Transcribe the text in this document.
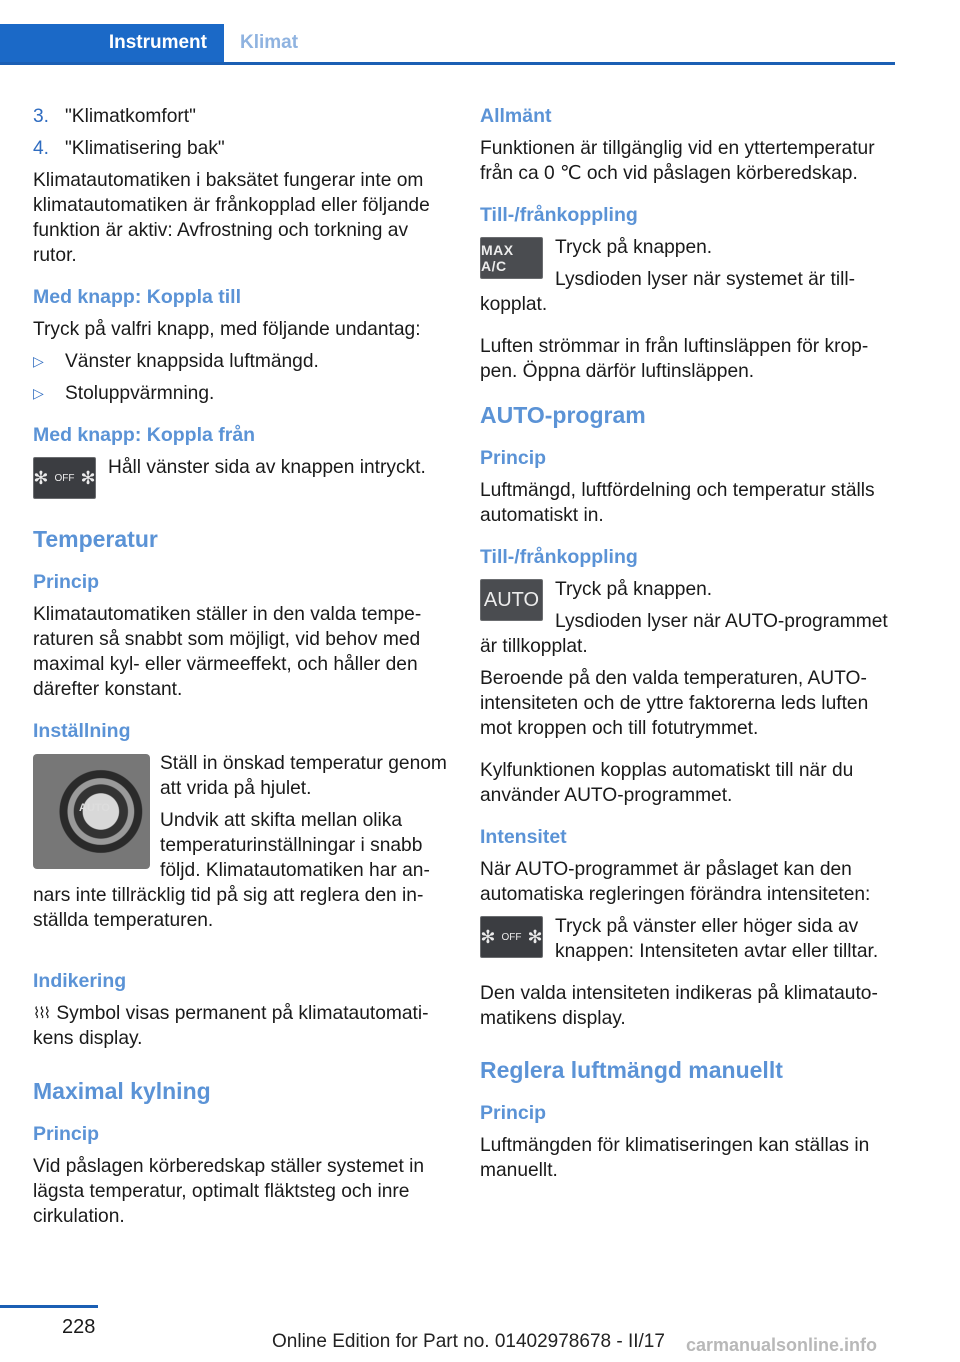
Instrument	Klimat
3. "Klimatkomfort"
4. "Klimatisering bak"

Klimatautomatiken i baksätet fungerar inte om klimatautomatiken är frånkopplad eller följande funktion är aktiv: Avfrostning och torkning av rutor.

Med knapp: Koppla till

Tryck på valfri knapp, med följande undantag:

▷	Vänster knappsida luftmängd.
▷	Stoluppvärmning.
Med knapp: Koppla från
✻ OFF ✻ Håll vänster sida av knappen intryckt.

Temperatur
Princip

Klimatautomatiken ställer in den valda temperaturen så snabbt som möjligt, vid behov med maximal kyl- eller värmeeffekt, och håller den därefter konstant.

Inställning
AUTO

Ställ in önskad temperatur genom att vrida på hjulet.

Undvik att skifta mellan olika temperaturinställningar i snabb följd. Klimatautomatiken har annars inte tillräcklig tid på sig att reglera den inställda temperaturen.

Indikering

⌇⌇⌇ Symbol visas permanent på klimatautomatikens display.

Maximal kylning
Princip

Vid påslagen körberedskap ställer systemet in lägsta temperatur, optimalt fläktsteg och inre cirkulation.

Allmänt

Funktionen är tillgänglig vid en yttertemperatur från ca 0 ℃ och vid påslagen körberedskap.

Till-/frånkoppling
MAX A/C

Tryck på knappen.

Lysdioden lyser när systemet är tillkopplat.

Luften strömmar in från luftinsläppen för kroppen. Öppna därför luftinsläppen.

AUTO-program
Princip

Luftmängd, luftfördelning och temperatur ställs automatiskt in.

Till-/frånkoppling
AUTO Tryck på knappen.

Lysdioden lyser när AUTO-programmet är tillkopplat.

Beroende på den valda temperaturen, AUTO-intensiteten och de yttre faktorerna leds luften mot kroppen och till fotutrymmet.

Kylfunktionen kopplas automatiskt till när du använder AUTO-programmet.

Intensitet

När AUTO-programmet är påslaget kan den automatiska regleringen förändra intensiteten:

✻ OFF ✻ Tryck på vänster eller höger sida av knappen: Intensiteten avtar eller tilltar.

Den valda intensiteten indikeras på klimatautomatikens display.

Reglera luftmängd manuellt
Princip

Luftmängden för klimatiseringen kan ställas in manuellt.

228
Online Edition for Part no. 01402978678 - II/17 carmanualsonline.info
